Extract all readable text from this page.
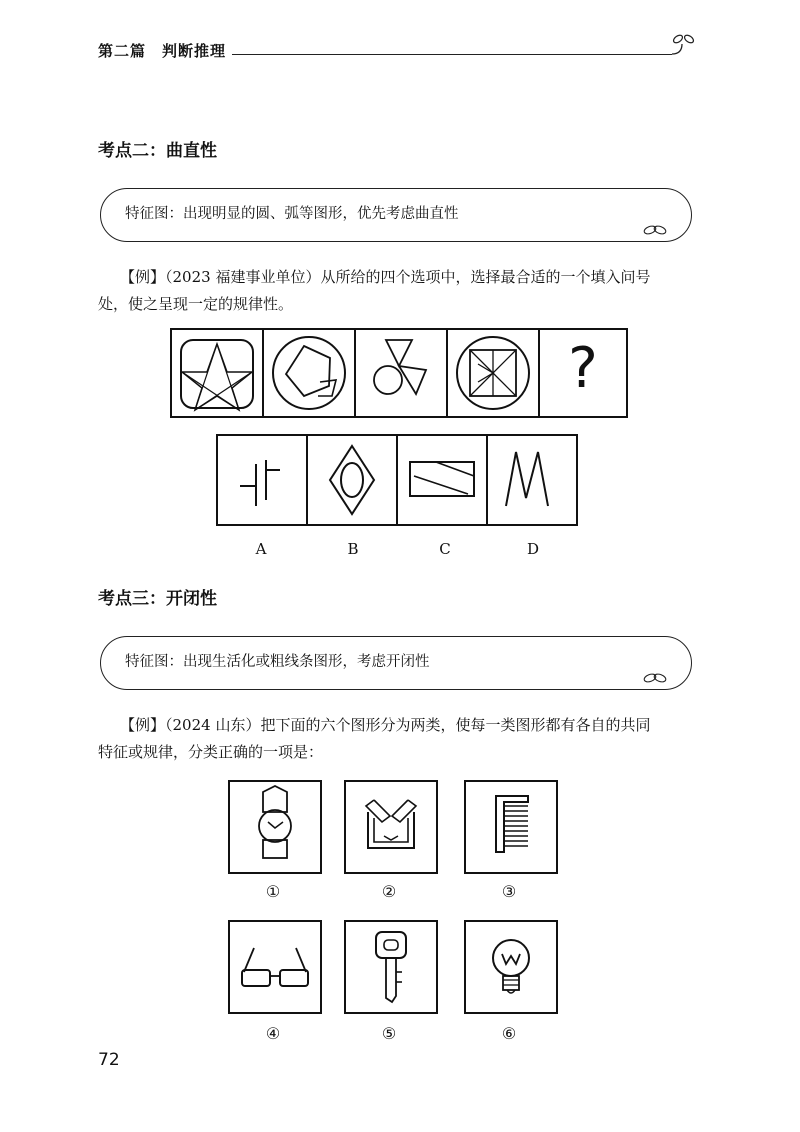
第二篇　判断推理
考点二：曲直性
特征图：出现明显的圆、弧等图形，优先考虑曲直性
【例】（2023 福建事业单位）从所给的四个选项中，选择最合适的一个填入问号
处，使之呈现一定的规律性。
?
A	B	C	D
考点三：开闭性
特征图：出现生活化或粗线条图形，考虑开闭性
【例】（2024 山东）把下面的六个图形分为两类，使每一类图形都有各自的共同
特征或规律，分类正确的一项是：
①	②	③
④	⑤	⑥
72
